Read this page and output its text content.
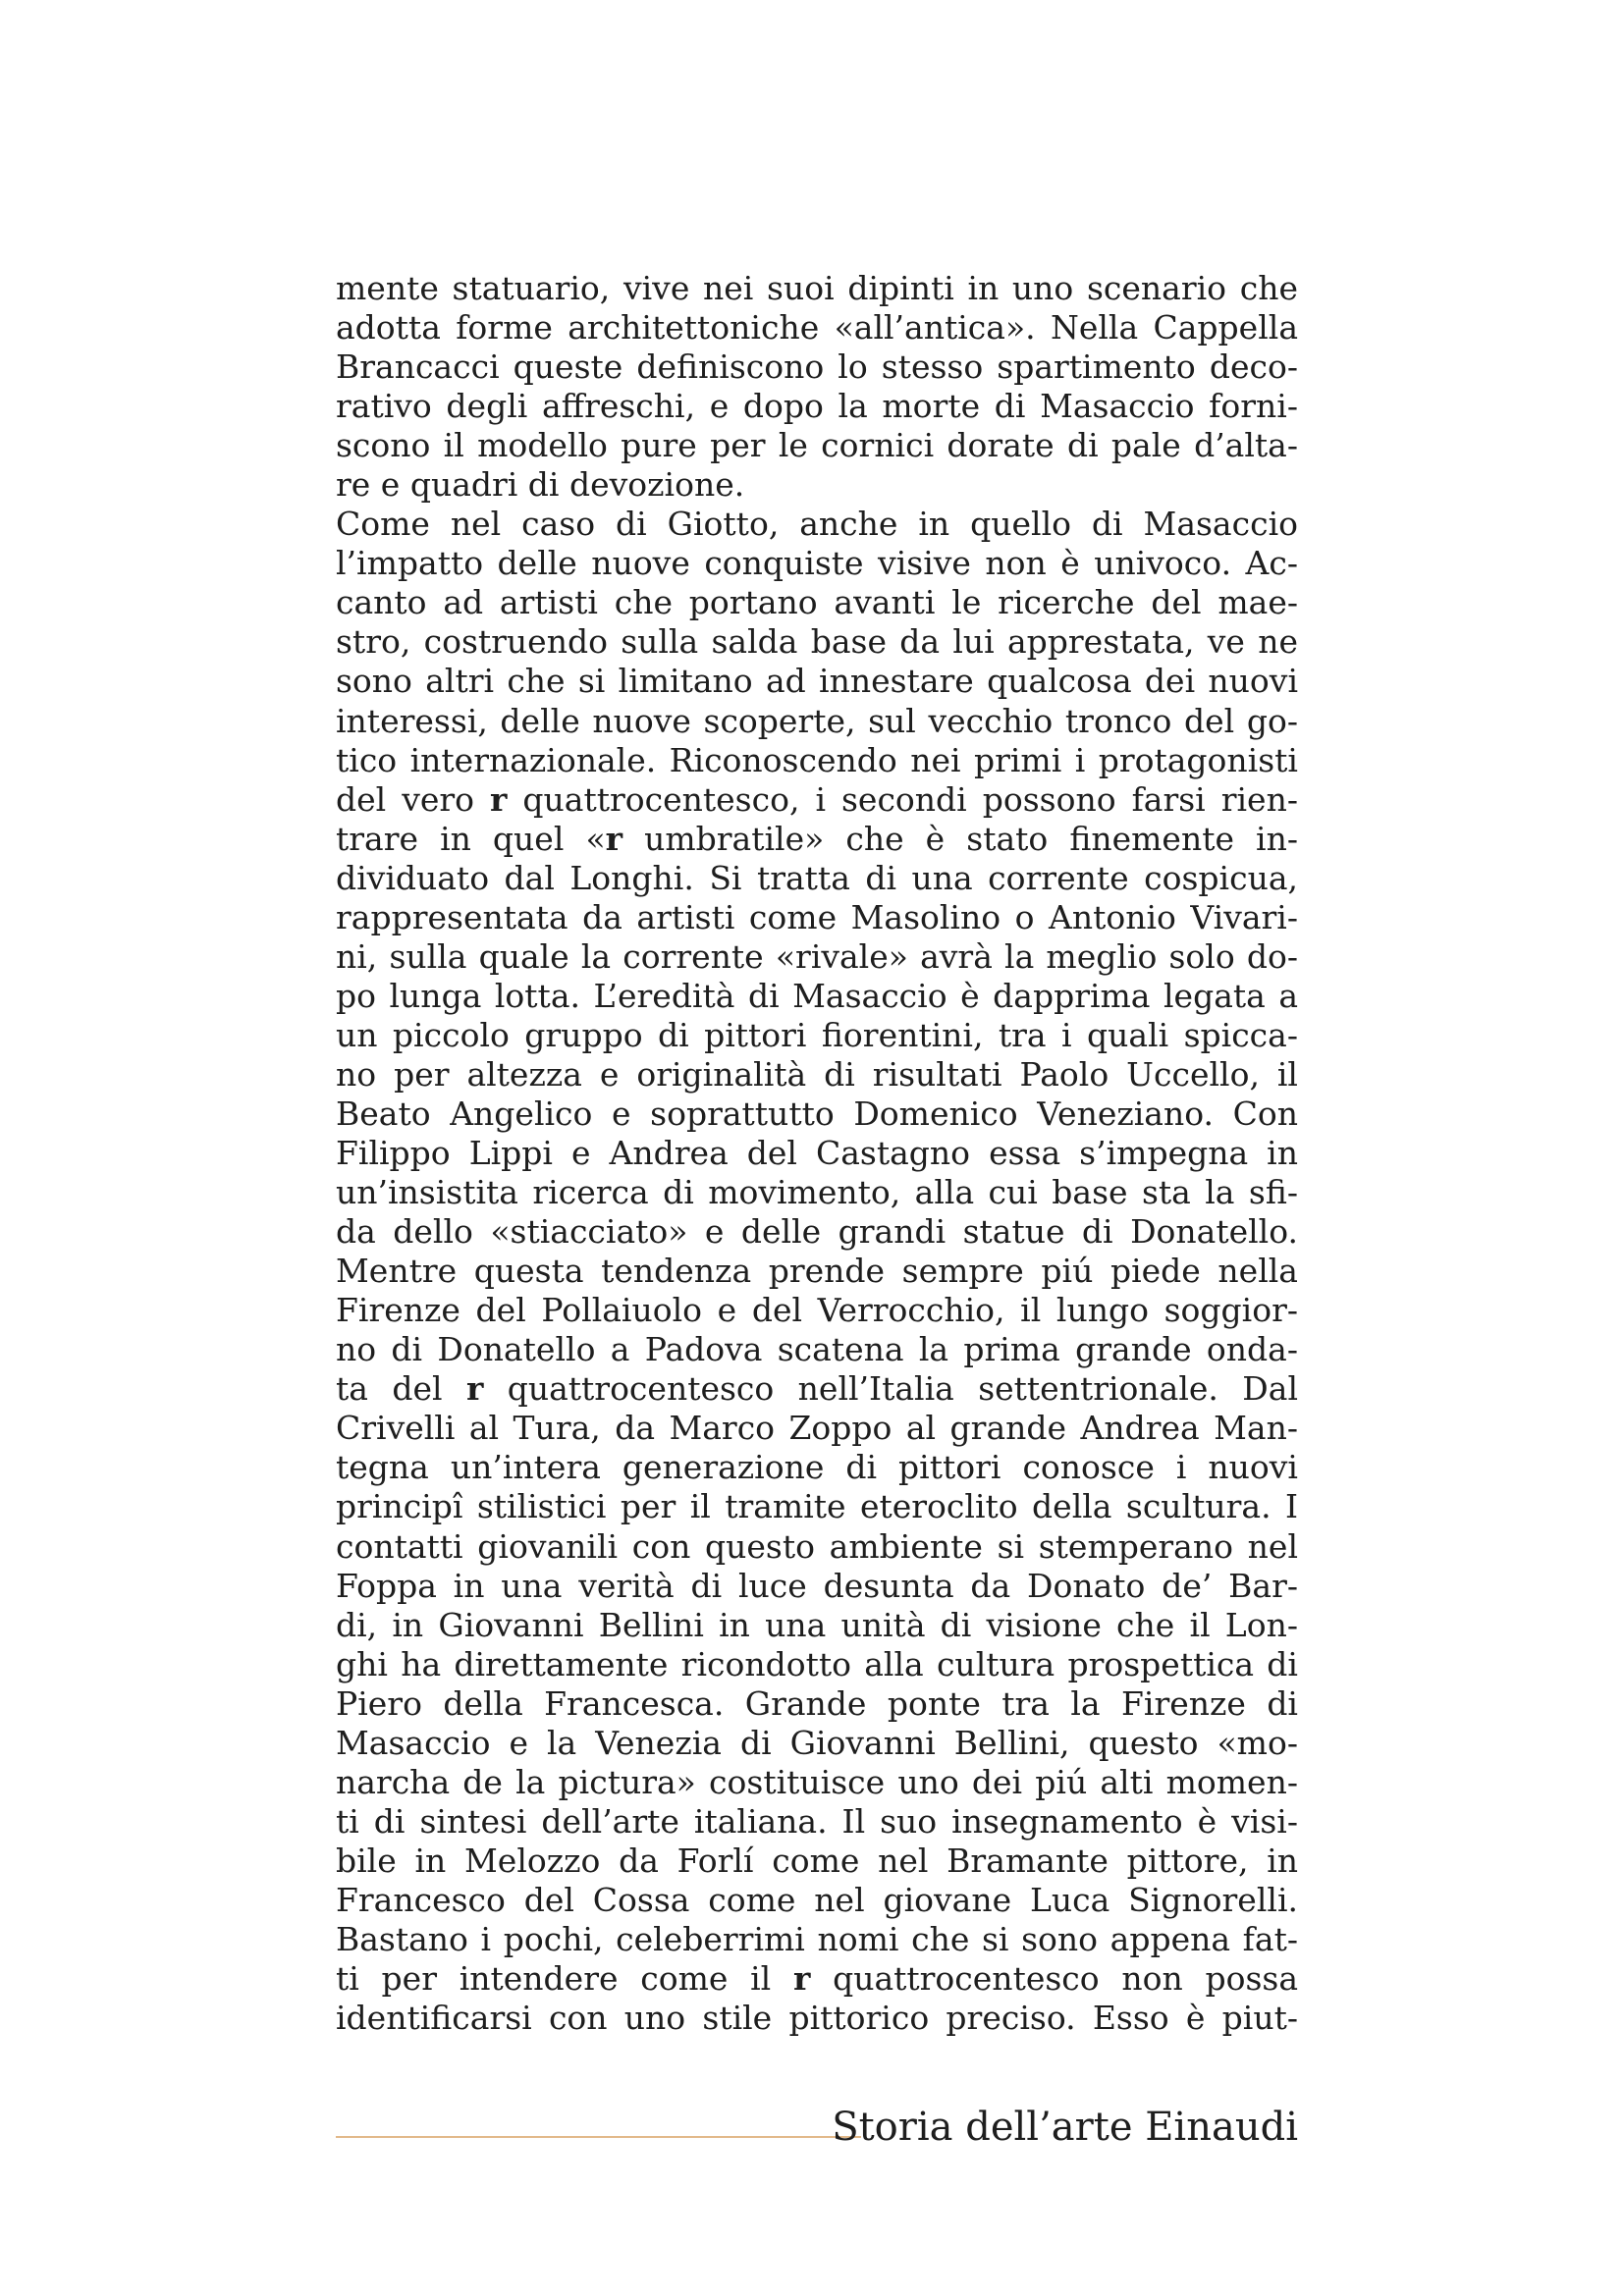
mente statuario, vive nei suoi dipinti in uno scenario che
adotta forme architettoniche «all’antica». Nella Cappella
Brancacci queste definiscono lo stesso spartimento deco-
rativo degli affreschi, e dopo la morte di Masaccio forni-
scono il modello pure per le cornici dorate di pale d’alta-
re e quadri di devozione.
Come nel caso di Giotto, anche in quello di Masaccio
l’impatto delle nuove conquiste visive non è univoco. Ac-
canto ad artisti che portano avanti le ricerche del mae-
stro, costruendo sulla salda base da lui apprestata, ve ne
sono altri che si limitano ad innestare qualcosa dei nuovi
interessi, delle nuove scoperte, sul vecchio tronco del go-
tico internazionale. Riconoscendo nei primi i protagonisti
del vero r quattrocentesco, i secondi possono farsi rien-
trare in quel «r umbratile» che è stato finemente in-
dividuato dal Longhi. Si tratta di una corrente cospicua,
rappresentata da artisti come Masolino o Antonio Vivari-
ni, sulla quale la corrente «rivale» avrà la meglio solo do-
po lunga lotta. L’eredità di Masaccio è dapprima legata a
un piccolo gruppo di pittori fiorentini, tra i quali spicca-
no per altezza e originalità di risultati Paolo Uccello, il
Beato Angelico e soprattutto Domenico Veneziano. Con
Filippo Lippi e Andrea del Castagno essa s’impegna in
un’insistita ricerca di movimento, alla cui base sta la sfi-
da dello «stiacciato» e delle grandi statue di Donatello.
Mentre questa tendenza prende sempre piú piede nella
Firenze del Pollaiuolo e del Verrocchio, il lungo soggior-
no di Donatello a Padova scatena la prima grande onda-
ta del r quattrocentesco nell’Italia settentrionale. Dal
Crivelli al Tura, da Marco Zoppo al grande Andrea Man-
tegna un’intera generazione di pittori conosce i nuovi
principî stilistici per il tramite eteroclito della scultura. I
contatti giovanili con questo ambiente si stemperano nel
Foppa in una verità di luce desunta da Donato de’ Bar-
di, in Giovanni Bellini in una unità di visione che il Lon-
ghi ha direttamente ricondotto alla cultura prospettica di
Piero della Francesca. Grande ponte tra la Firenze di
Masaccio e la Venezia di Giovanni Bellini, questo «mo-
narcha de la pictura» costituisce uno dei piú alti momen-
ti di sintesi dell’arte italiana. Il suo insegnamento è visi-
bile in Melozzo da Forlí come nel Bramante pittore, in
Francesco del Cossa come nel giovane Luca Signorelli.
Bastano i pochi, celeberrimi nomi che si sono appena fat-
ti per intendere come il r quattrocentesco non possa
identificarsi con uno stile pittorico preciso. Esso è piut-
Storia dell’arte Einaudi
